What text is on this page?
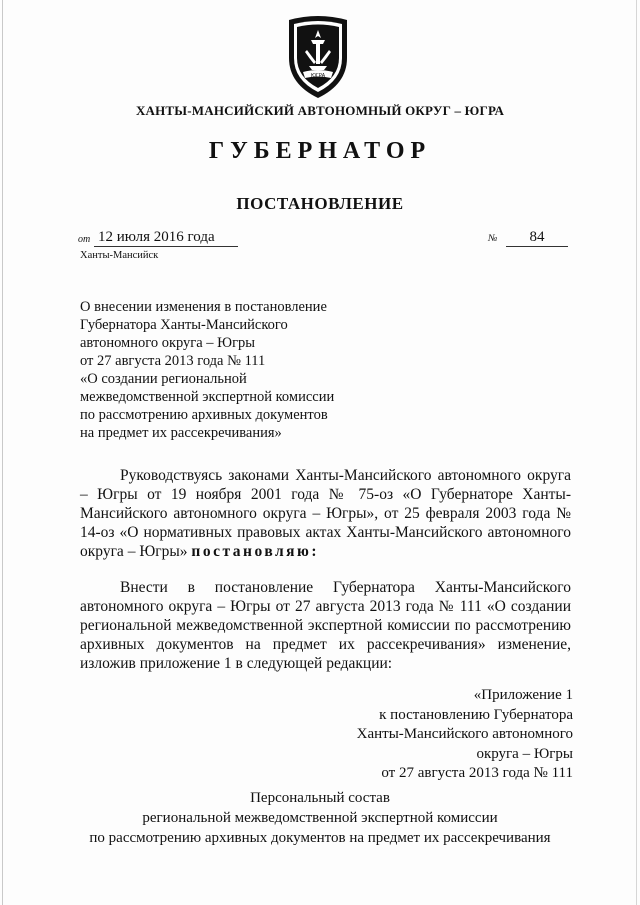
ЮГРА
ХАНТЫ-МАНСИЙСКИЙ АВТОНОМНЫЙ ОКРУГ – ЮГРА
ГУБЕРНАТОР
ПОСТАНОВЛЕНИЕ
от 12 июля 2016 года	№	84
Ханты-Мансийск
О внесении изменения в постановление
Губернатора Ханты-Мансийского
автономного округа – Югры
от 27 августа 2013 года № 111
«О создании региональной
межведомственной экспертной комиссии
по рассмотрению архивных документов
на предмет их рассекречивания»
Руководствуясь законами Ханты-Мансийского автономного округа – Югры от 19 ноября 2001 года № 75-оз «О Губернаторе Ханты-Мансийского автономного округа – Югры», от 25 февраля 2003 года № 14-оз «О нормативных правовых актах Ханты-Мансийского автономного округа – Югры» постановляю:
Внести в постановление Губернатора Ханты-Мансийского автономного округа – Югры от 27 августа 2013 года № 111 «О создании региональной межведомственной экспертной комиссии по рассмотрению архивных документов на предмет их рассекречивания» изменение, изложив приложение 1 в следующей редакции:
«Приложение 1
к постановлению Губернатора
Ханты-Мансийского автономного
округа – Югры
от 27 августа 2013 года № 111
Персональный состав
региональной межведомственной экспертной комиссии
по рассмотрению архивных документов на предмет их рассекречивания
